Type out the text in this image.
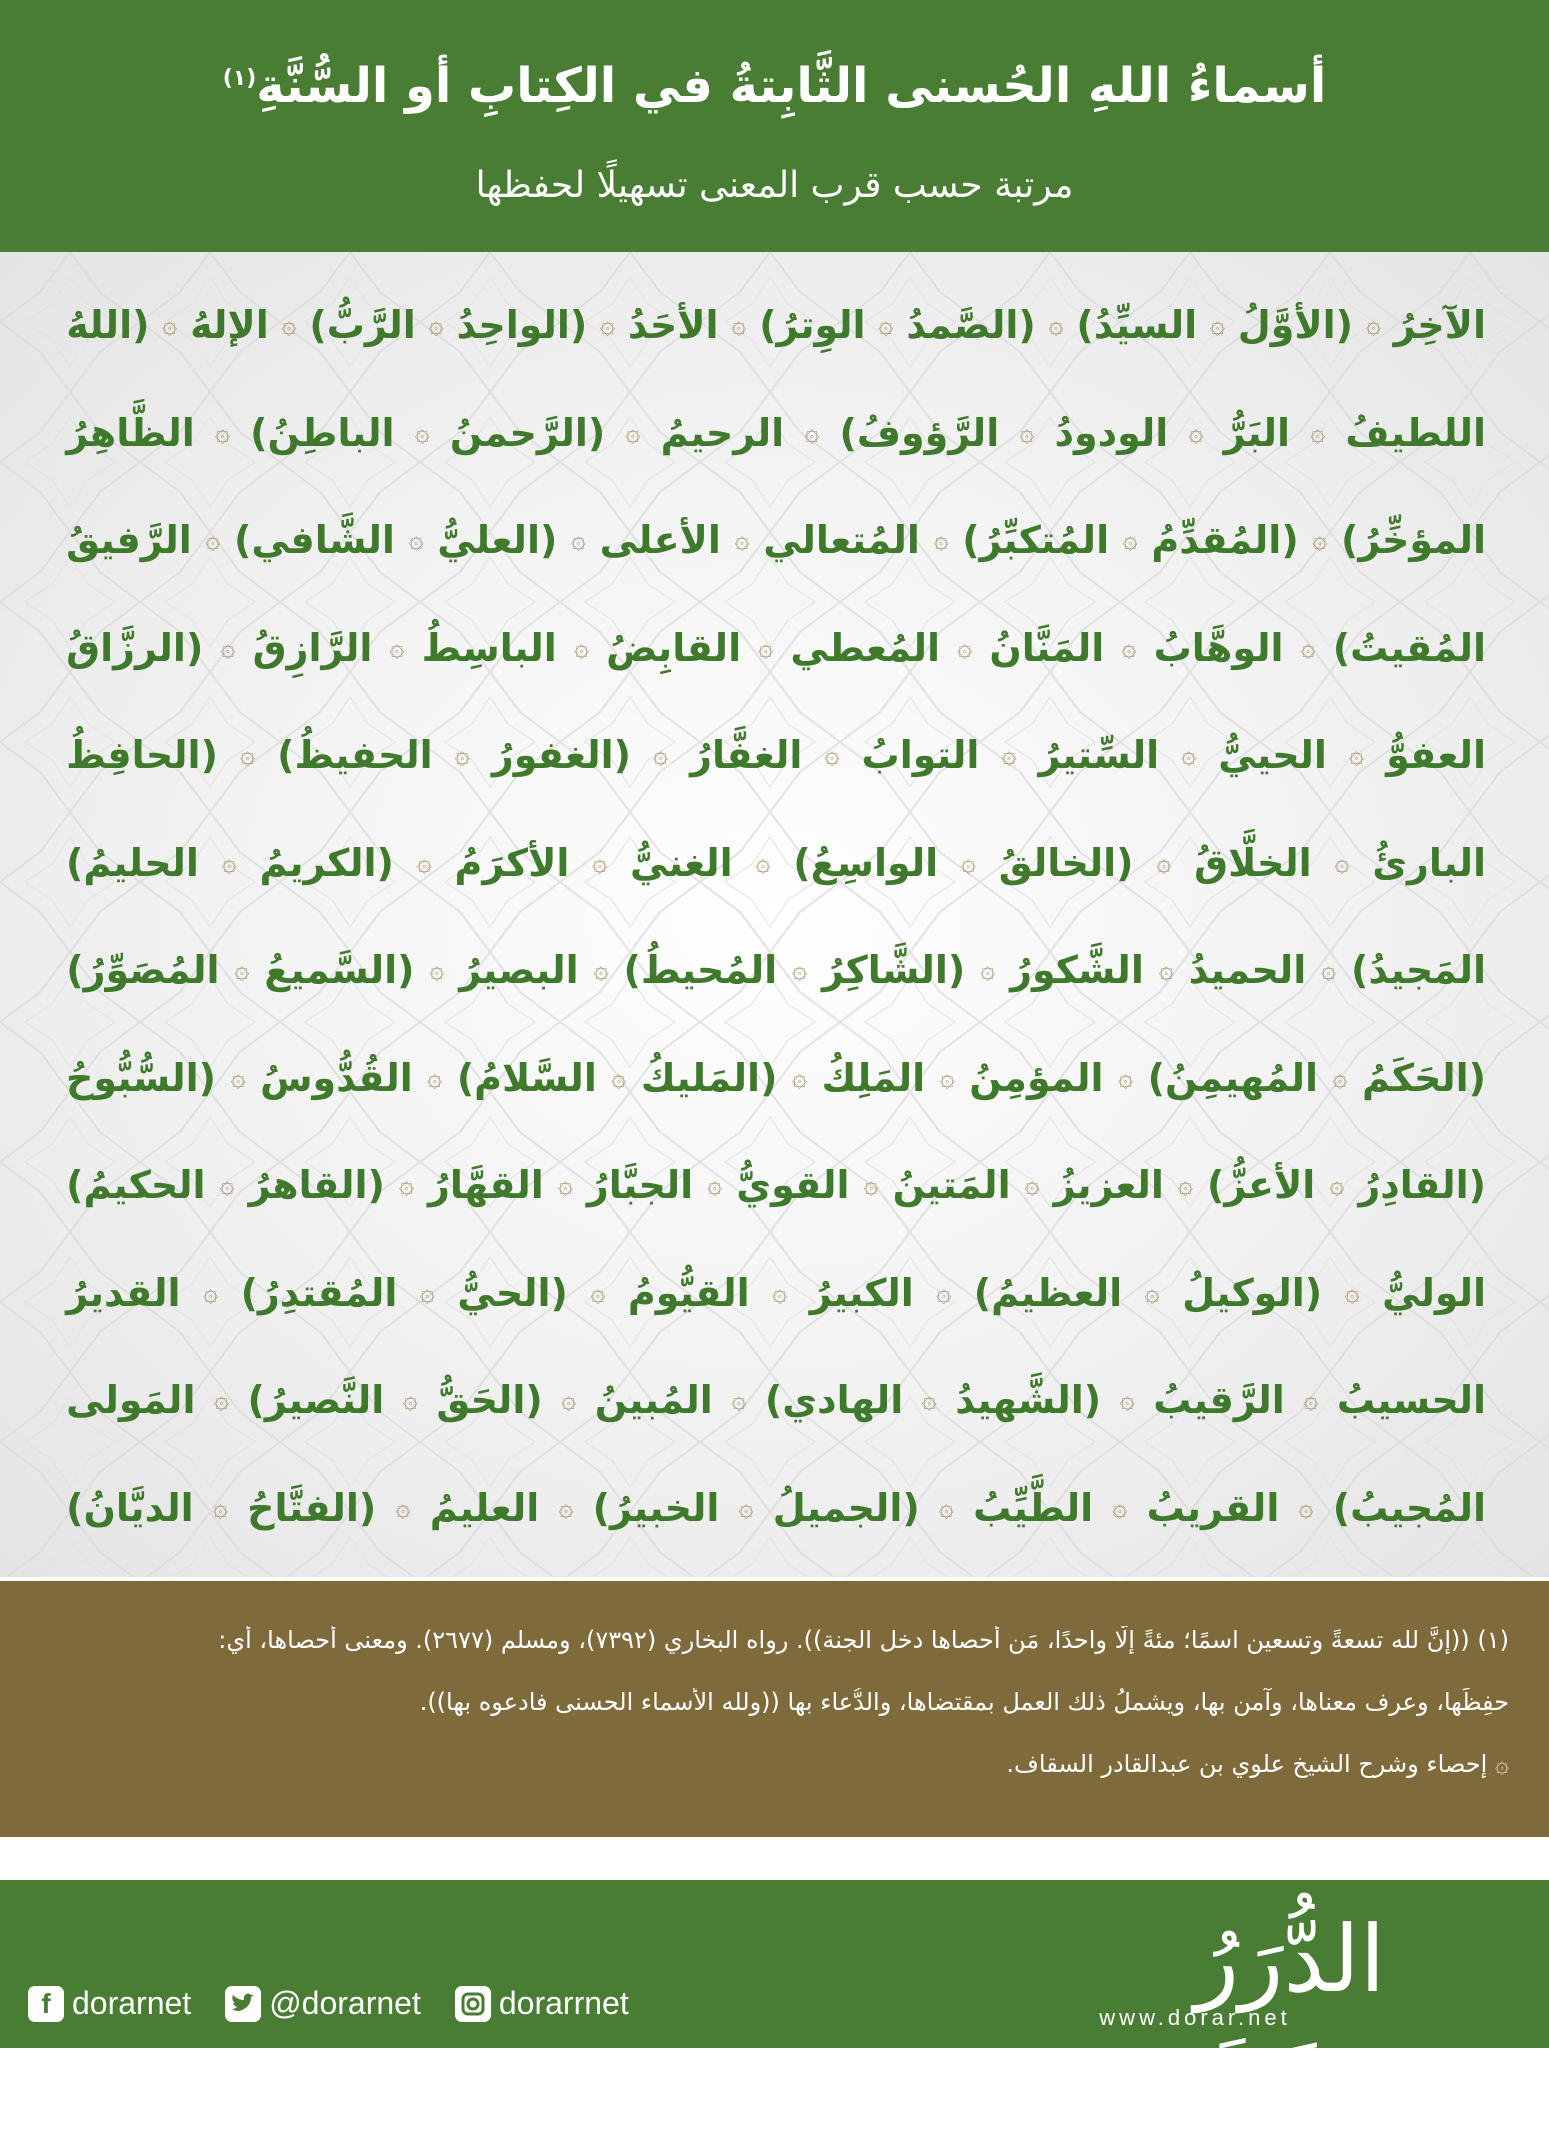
أسماءُ اللهِ الحُسنى الثَّابِتةُ في الكِتابِ أو السُّنَّةِ$^{(١)}$
مرتبة حسب قرب المعنى تسهيلًا لحفظها
(اللهُ ۞ الإلهُ ۞ الرَّبُّ) ۞ (الواحِدُ ۞ الأحَدُ ۞ الوِترُ) ۞ (الصَّمدُ ۞ السيِّدُ) ۞ (الأوَّلُ ۞ الآخِرُ
الظَّاهِرُ ۞ الباطِنُ) ۞ (الرَّحمنُ ۞ الرحيمُ ۞ الرَّؤوفُ) ۞ الودودُ ۞ البَرُّ ۞ اللطيفُ
الرَّفيقُ ۞ الشَّافي) ۞ (العليُّ ۞ الأعلى ۞ المُتعالي ۞ المُتكبِّرُ) ۞ (المُقدِّمُ ۞ المؤخِّرُ)
(الرزَّاقُ ۞ الرَّازِقُ ۞ الباسِطُ ۞ القابِضُ ۞ المُعطي ۞ المَنَّانُ ۞ الوهَّابُ ۞ المُقيتُ)
(الحافِظُ ۞ الحفيظُ) ۞ (الغفورُ ۞ الغفَّارُ ۞ التوابُ ۞ السِّتيرُ ۞ الحييُّ ۞ العفوُّ
الحليمُ) ۞ (الكريمُ ۞ الأكرَمُ ۞ الغنيُّ ۞ الواسِعُ) ۞ (الخالقُ ۞ الخلَّاقُ ۞ البارئُ
المُصَوِّرُ) ۞ (السَّميعُ ۞ البصيرُ ۞ المُحيطُ) ۞ (الشَّاكِرُ ۞ الشَّكورُ ۞ الحميدُ ۞ المَجيدُ)
(السُّبُّوحُ ۞ القُدُّوسُ ۞ السَّلامُ) ۞ (المَليكُ ۞ المَلِكُ ۞ المؤمِنُ ۞ المُهيمِنُ) ۞ (الحَكَمُ
الحكيمُ) ۞ (القاهرُ ۞ القهَّارُ ۞ الجبَّارُ ۞ القويُّ ۞ المَتينُ ۞ العزيزُ ۞ الأعزُّ) ۞ (القادِرُ
القديرُ ۞ المُقتدِرُ) ۞ (الحيُّ ۞ القيُّومُ ۞ الكبيرُ ۞ العظيمُ) ۞ (الوكيلُ ۞ الوليُّ
المَولى ۞ النَّصيرُ) ۞ (الحَقُّ ۞ المُبينُ ۞ الهادي) ۞ (الشَّهيدُ ۞ الرَّقيبُ ۞ الحسيبُ
الديَّانُ) ۞ (الفتَّاحُ ۞ العليمُ ۞ الخبيرُ) ۞ (الجميلُ ۞ الطَّيِّبُ ۞ القريبُ ۞ المُجيبُ)
(١) ((إنَّ لله تسعةً وتسعين اسمًا؛ مئةً إلَّا واحدًا، مَن أحصاها دخل الجنة)). رواه البخاري (٧٣٩٢)، ومسلم (٢٦٧٧). ومعنى أحصاها، أي:
حفِظَها، وعرف معناها، وآمن بها، ويشملُ ذلك العمل بمقتضاها، والدُّعاء بها ((ولله الأسماء الحسنى فادعوه بها)).
۞ إحصاء وشرح الشيخ علوي بن عبدالقادر السقاف.
f dorarnet @dorarnet dorarrnet	الدُّرَرُ السَّنِيَّة
www.dorar.net
